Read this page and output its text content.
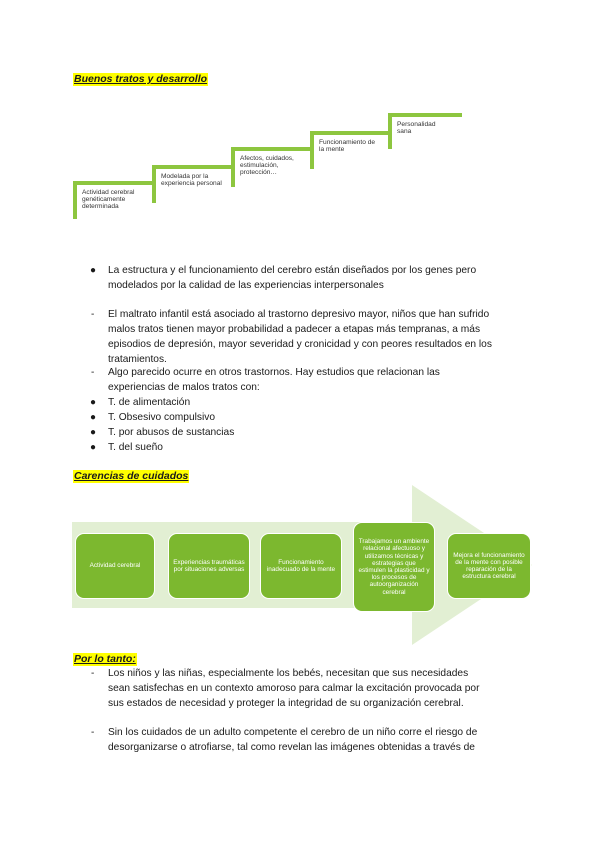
Buenos tratos y desarrollo
Actividad cerebral genéticamente determinada
Modelada por la experiencia personal
Afectos, cuidados, estimulación, protección…
Funcionamiento de la mente
Personalidad sana
● La estructura y el funcionamiento del cerebro están diseñados por los genes pero
modelados por la calidad de las experiencias interpersonales
- El maltrato infantil está asociado al trastorno depresivo mayor, niños que han sufrido
malos tratos tienen mayor probabilidad a padecer a etapas más tempranas, a más
episodios de depresión, mayor severidad y cronicidad y con peores resultados en los
tratamientos.
- Algo parecido ocurre en otros trastornos. Hay estudios que relacionan las
experiencias de malos tratos con:
● T. de alimentación
● T. Obsesivo compulsivo
● T. por abusos de sustancias
● T. del sueño
Carencias de cuidados
Actividad cerebral
Experiencias traumáticas por situaciones adversas
Funcionamiento inadecuado de la mente
Trabajamos un ambiente relacional afectuoso y utilizamos técnicas y estrategias que estimulen la plasticidad y los procesos de autoorganización cerebral
Mejora el funcionamiento de la mente con posible reparación de la estructura cerebral
Por lo tanto:
- Los niños y las niñas, especialmente los bebés, necesitan que sus necesidades
sean satisfechas en un contexto amoroso para calmar la excitación provocada por
sus estados de necesidad y proteger la integridad de su organización cerebral.
- Sin los cuidados de un adulto competente el cerebro de un niño corre el riesgo de
desorganizarse o atrofiarse, tal como revelan las imágenes obtenidas a través de
